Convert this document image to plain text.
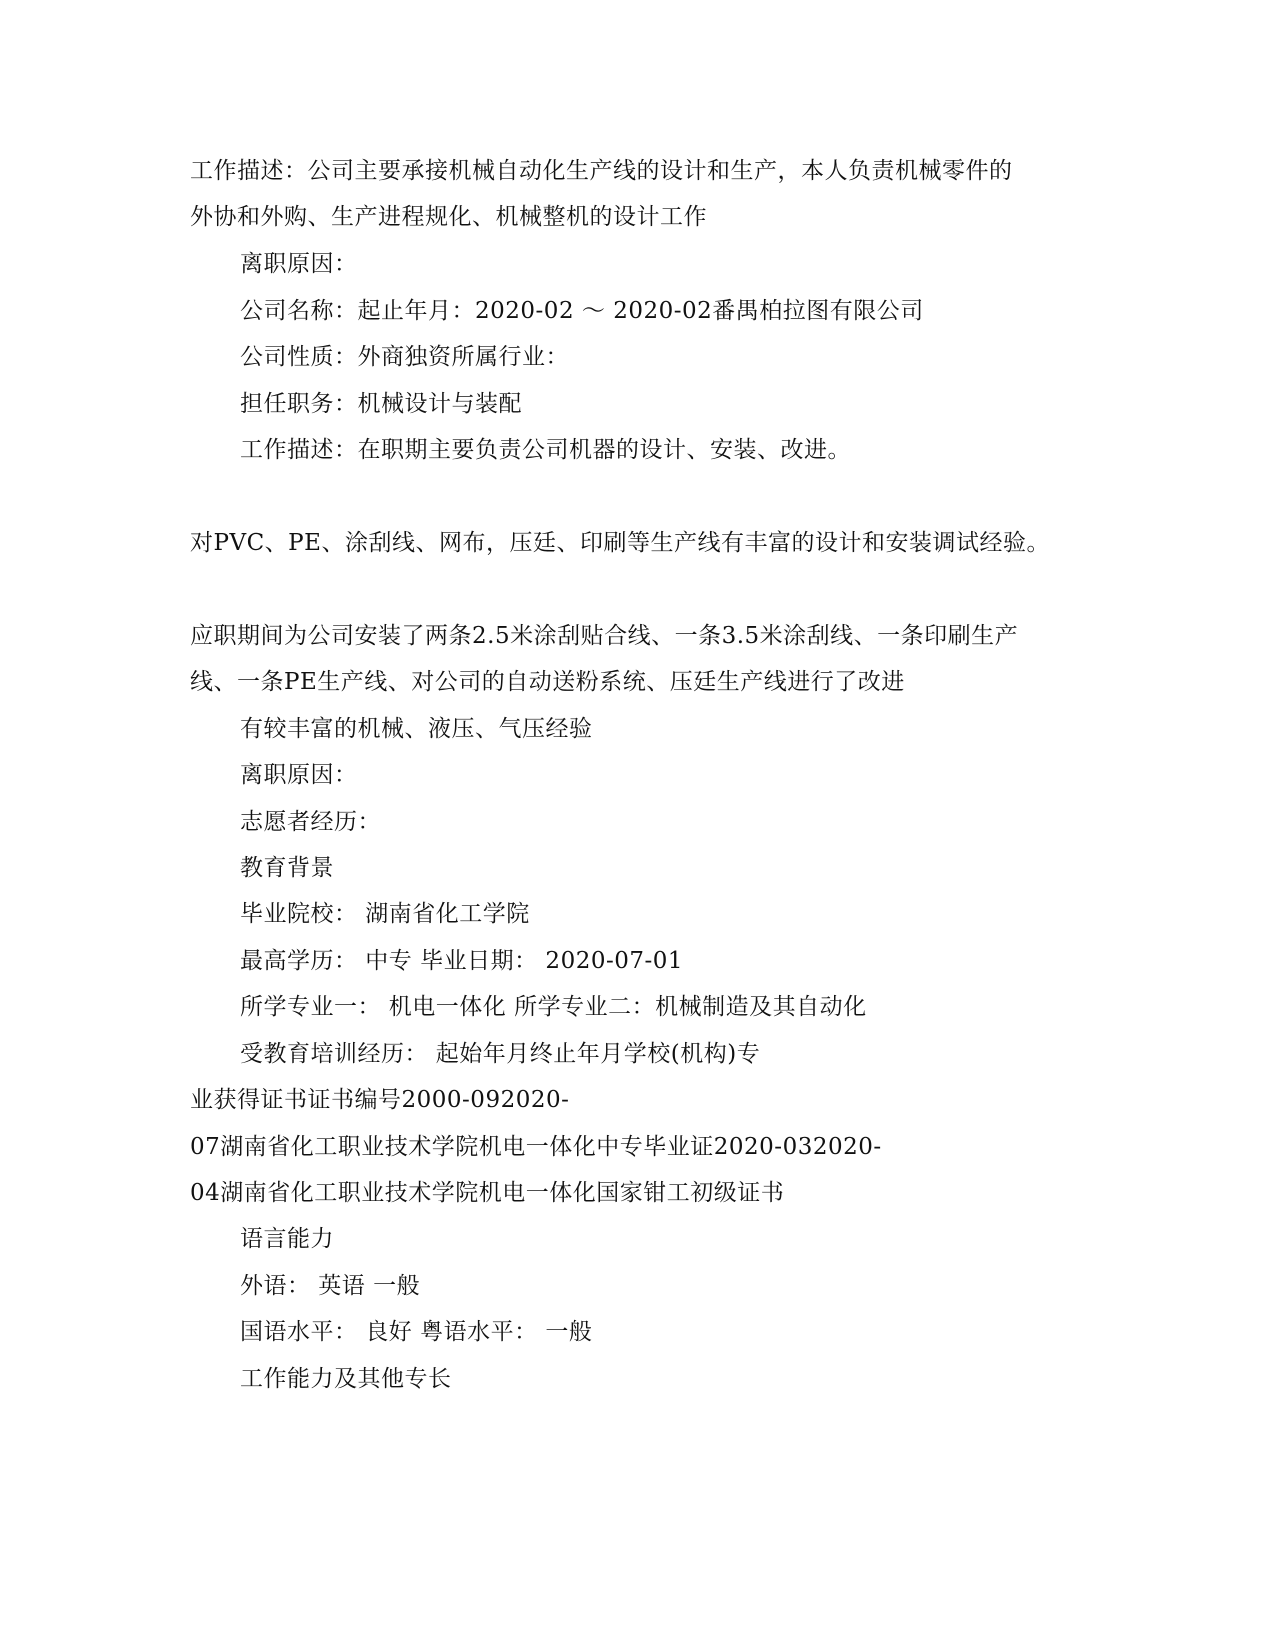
工作描述：公司主要承接机械自动化生产线的设计和生产，本人负责机械零件的
外协和外购、生产进程规化、机械整机的设计工作
离职原因：
公司名称：起止年月：2020-02 ～ 2020-02番禺柏拉图有限公司
公司性质：外商独资所属行业：
担任职务：机械设计与装配
工作描述：在职期主要负责公司机器的设计、安装、改进。
对PVC、PE、涂刮线、网布，压廷、印刷等生产线有丰富的设计和安装调试经验。
应职期间为公司安装了两条2.5米涂刮贴合线、一条3.5米涂刮线、一条印刷生产
线、一条PE生产线、对公司的自动送粉系统、压廷生产线进行了改进
有较丰富的机械、液压、气压经验
离职原因：
志愿者经历：
教育背景
毕业院校： 湖南省化工学院
最高学历： 中专 毕业日期： 2020-07-01
所学专业一： 机电一体化 所学专业二：机械制造及其自动化
受教育培训经历： 起始年月终止年月学校(机构)专
业获得证书证书编号2000-092020-
07湖南省化工职业技术学院机电一体化中专毕业证2020-032020-
04湖南省化工职业技术学院机电一体化国家钳工初级证书
语言能力
外语： 英语 一般
国语水平： 良好 粤语水平： 一般
工作能力及其他专长
